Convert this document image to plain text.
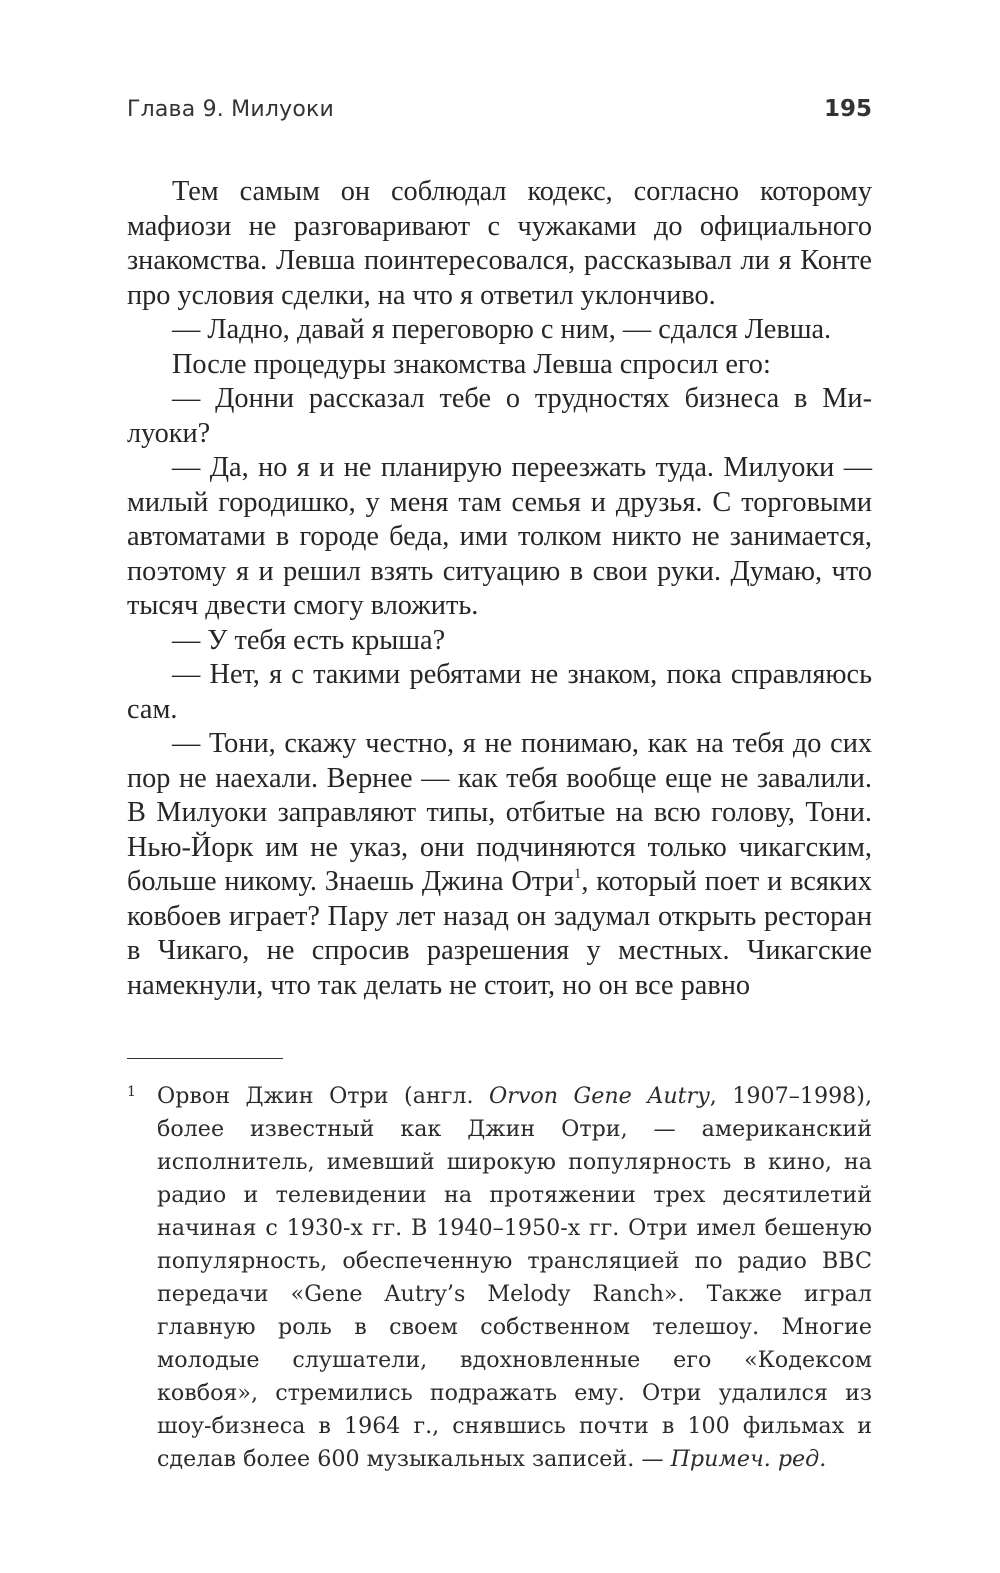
Глава 9. Милуоки	195

Тем самым он соблюдал кодекс, согласно которому мафиози не разговаривают с чужаками до официального знакомства. Левша поинтересовался, рассказывал ли я Конте про условия сделки, на что я ответил уклончиво.

— Ладно, давай я переговорю с ним, — сдался Левша.

После процедуры знакомства Левша спросил его:

— Донни рассказал тебе о трудностях бизнеса в Милуоки?

— Да, но я и не планирую переезжать туда. Милуоки — милый городишко, у меня там семья и друзья. С торговыми автоматами в городе беда, ими толком никто не занимается, поэтому я и решил взять ситуацию в свои руки. Думаю, что тысяч двести смогу вложить.

— У тебя есть крыша?

— Нет, я с такими ребятами не знаком, пока справляюсь сам.

— Тони, скажу честно, я не понимаю, как на тебя до сих пор не наехали. Вернее — как тебя вообще еще не завалили. В Милуоки заправляют типы, отбитые на всю голову, Тони. Нью-Йорк им не указ, они подчиняются только чикагским, больше никому. Знаешь Джина Отри$^1$, который поет и всяких ковбоев играет? Пару лет назад он задумал открыть ресторан в Чикаго, не спросив разрешения у местных. Чикагские намекнули, что так делать не стоит, но он все равно

1 Орвон Джин Отри (англ. Orvon Gene Autry, 1907–1998), более известный как Джин Отри, — американский исполнитель, имевший широкую популярность в кино, на радио и телевидении на протяжении трех десятилетий начиная с 1930-х гг. В 1940–1950-х гг. Отри имел бешеную популярность, обеспеченную трансляцией по радио BBC передачи «Gene Autry’s Melody Ranch». Также играл главную роль в своем собственном телешоу. Многие молодые слушатели, вдохновленные его «Кодексом ковбоя», стремились подражать ему. Отри удалился из шоу-бизнеса в 1964 г., снявшись почти в 100 фильмах и сделав более 600 музыкальных записей. — Примеч. ред.
